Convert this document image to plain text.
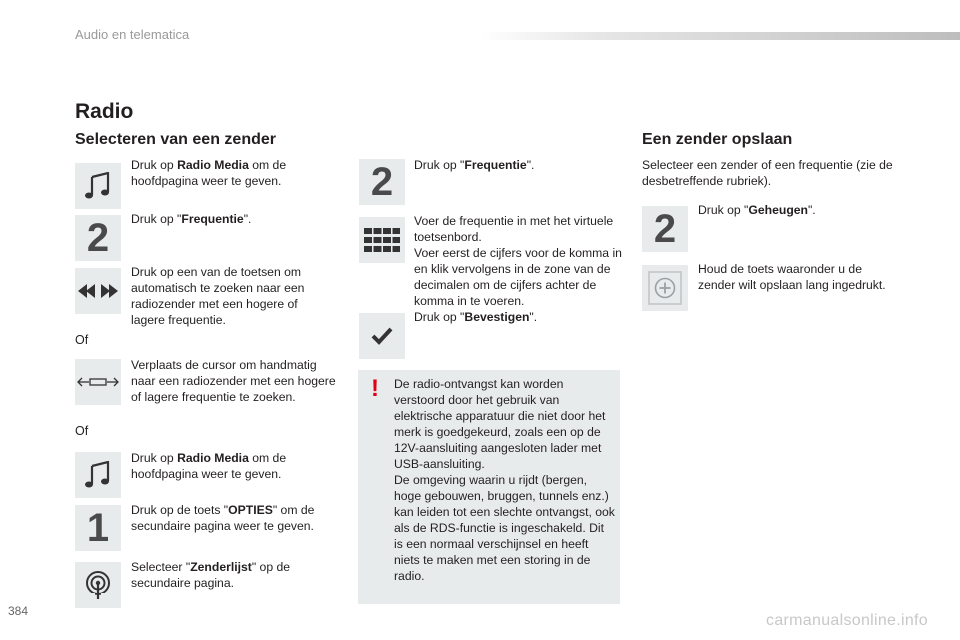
Audio en telematica
Radio
Selecteren van een zender
Druk op Radio Media om de hoofdpagina weer te geven.
2 Druk op "Frequentie".
Druk op een van de toetsen om automatisch te zoeken naar een radiozender met een hogere of lagere frequentie.
Of
Verplaats de cursor om handmatig naar een radiozender met een hogere of lagere frequentie te zoeken.
Of
Druk op Radio Media om de hoofdpagina weer te geven.
1 Druk op de toets "OPTIES" om de secundaire pagina weer te geven.
Selecteer "Zenderlijst" op de secundaire pagina.
2 Druk op "Frequentie".
Voer de frequentie in met het virtuele toetsenbord.
Voer eerst de cijfers voor de komma in en klik vervolgens in de zone van de decimalen om de cijfers achter de komma in te voeren.
Druk op "Bevestigen".
! De radio-ontvangst kan worden verstoord door het gebruik van elektrische apparatuur die niet door het merk is goedgekeurd, zoals een op de 12V-aansluiting aangesloten lader met USB-aansluiting.
De omgeving waarin u rijdt (bergen, hoge gebouwen, bruggen, tunnels enz.) kan leiden tot een slechte ontvangst, ook als de RDS-functie is ingeschakeld. Dit is een normaal verschijnsel en heeft niets te maken met een storing in de radio.
Een zender opslaan
Selecteer een zender of een frequentie (zie de desbetreffende rubriek).
2 Druk op "Geheugen".
Houd de toets waaronder u de zender wilt opslaan lang ingedrukt.
384
carmanualsonline.info
